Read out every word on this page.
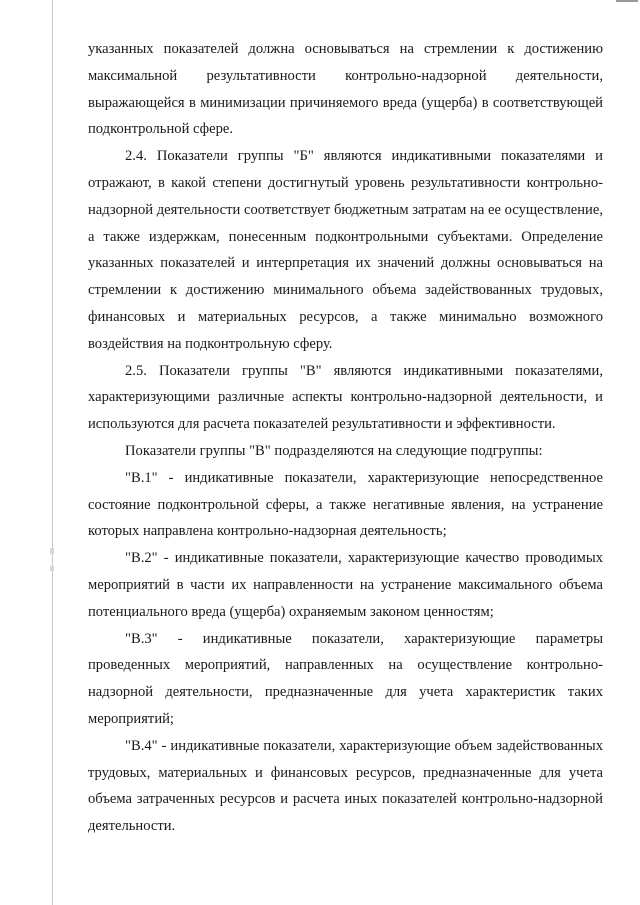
указанных показателей должна основываться на стремлении к достижению максимальной результативности контрольно-надзорной деятельности, выражающейся в минимизации причиняемого вреда (ущерба) в соответствующей подконтрольной сфере.

2.4. Показатели группы "Б" являются индикативными показателями и отражают, в какой степени достигнутый уровень результативности контрольно-надзорной деятельности соответствует бюджетным затратам на ее осуществление, а также издержкам, понесенным подконтрольными субъектами. Определение указанных показателей и интерпретация их значений должны основываться на стремлении к достижению минимального объема задействованных трудовых, финансовых и материальных ресурсов, а также минимально возможного воздействия на подконтрольную сферу.

2.5. Показатели группы "В" являются индикативными показателями, характеризующими различные аспекты контрольно-надзорной деятельности, и используются для расчета показателей результативности и эффективности.

Показатели группы "В" подразделяются на следующие подгруппы:

"В.1" - индикативные показатели, характеризующие непосредственное состояние подконтрольной сферы, а также негативные явления, на устранение которых направлена контрольно-надзорная деятельность;

"В.2" - индикативные показатели, характеризующие качество проводимых мероприятий в части их направленности на устранение максимального объема потенциального вреда (ущерба) охраняемым законом ценностям;

"В.3" - индикативные показатели, характеризующие параметры проведенных мероприятий, направленных на осуществление контрольно-надзорной деятельности, предназначенные для учета характеристик таких мероприятий;

"В.4" - индикативные показатели, характеризующие объем задействованных трудовых, материальных и финансовых ресурсов, предназначенные для учета объема затраченных ресурсов и расчета иных показателей контрольно-надзорной деятельности.
